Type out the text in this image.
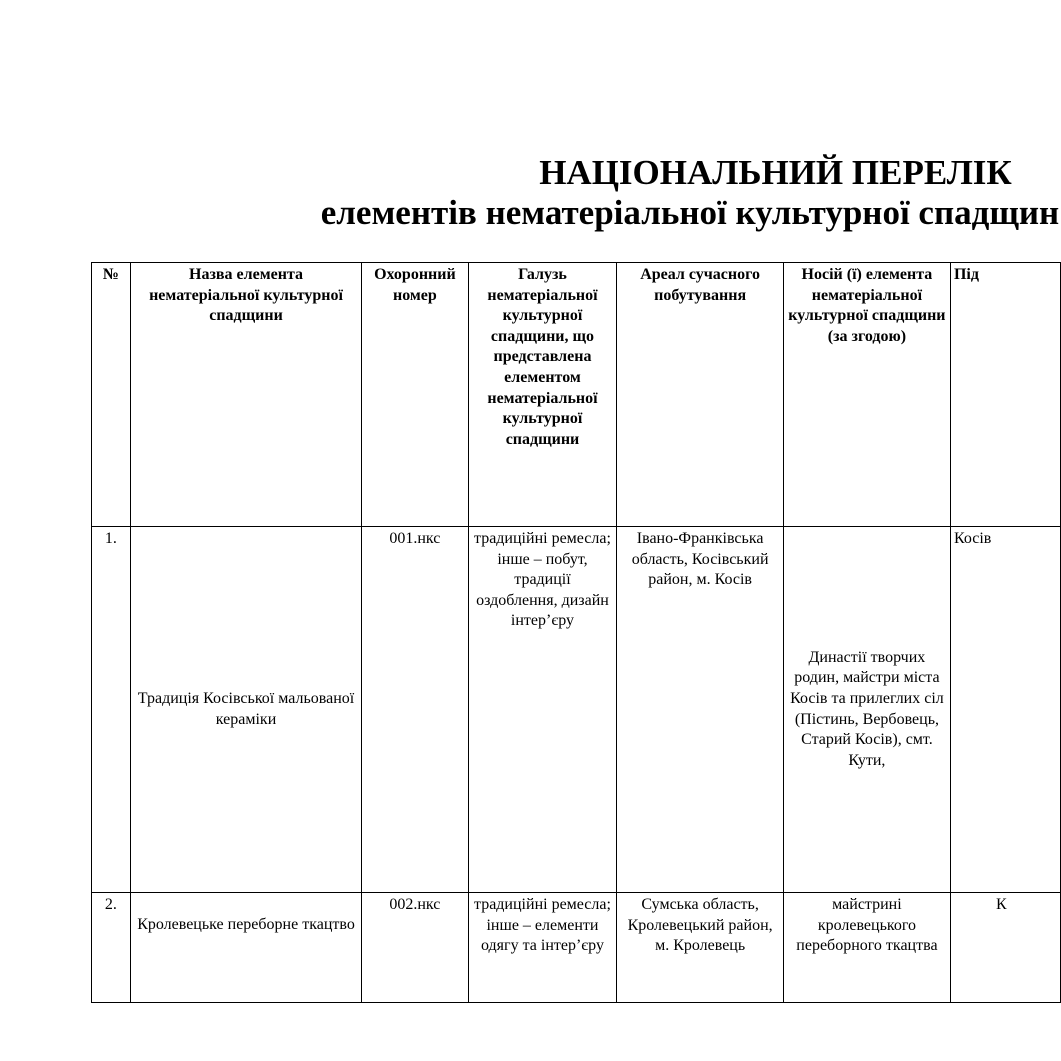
НАЦІОНАЛЬНИЙ ПЕРЕЛІК
елементів нематеріальної культурної спадщин
№	Назва елемента нематеріальної культурної спадщини	Охоронний номер	Галузь нематеріальної культурної спадщини, що представлена елементом нематеріальної культурної спадщини	Ареал сучасного побутування	Носій (ї) елемента нематеріальної культурної спадщини (за згодою)	Під
1.	Традиція Косівської мальованої кераміки	001.нкс	традиційні ремесла; інше – побут, традиції оздоблення, дизайн інтер’єру	Івано-Франківська область, Косівський район, м. Косів	Династії творчих родин, майстри міста Косів та прилеглих сіл (Пістинь, Вербовець, Старий Косів), смт. Кути,	Косів
2.	Кролевецьке переборне ткацтво	002.нкс	традиційні ремесла; інше – елементи одягу та інтер’єру	Сумська область, Кролевецький район, м. Кролевець	майстрині кролевецького переборного ткацтва	К
